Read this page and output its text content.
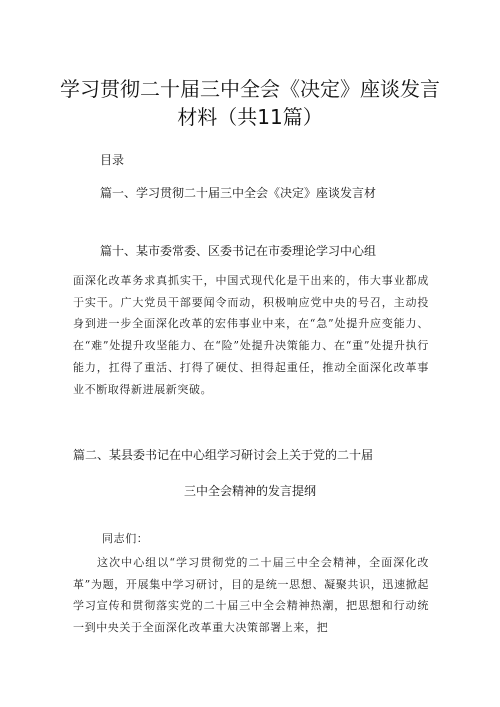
学习贯彻二十届三中全会《决定》座谈发言
材料（共11篇）
目录
篇一、学习贯彻二十届三中全会《决定》座谈发言材
篇十、某市委常委、区委书记在市委理论学习中心组
面深化改革务求真抓实干，中国式现代化是干出来的，伟大事业都成于实干。广大党员干部要闻令而动，积极响应党中央的号召，主动投身到进一步全面深化改革的宏伟事业中来，在“急”处提升应变能力、在“难”处提升攻坚能力、在“险”处提升决策能力、在“重”处提升执行能力，扛得了重活、打得了硬仗、担得起重任，推动全面深化改革事业不断取得新进展新突破。
篇二、某县委书记在中心组学习研讨会上关于党的二十届
三中全会精神的发言提纲
同志们：
这次中心组以“学习贯彻党的二十届三中全会精神，全面深化改革”为题，开展集中学习研讨，目的是统一思想、凝聚共识，迅速掀起学习宣传和贯彻落实党的二十届三中全会精神热潮，把思想和行动统一到中央关于全面深化改革重大决策部署上来，把
